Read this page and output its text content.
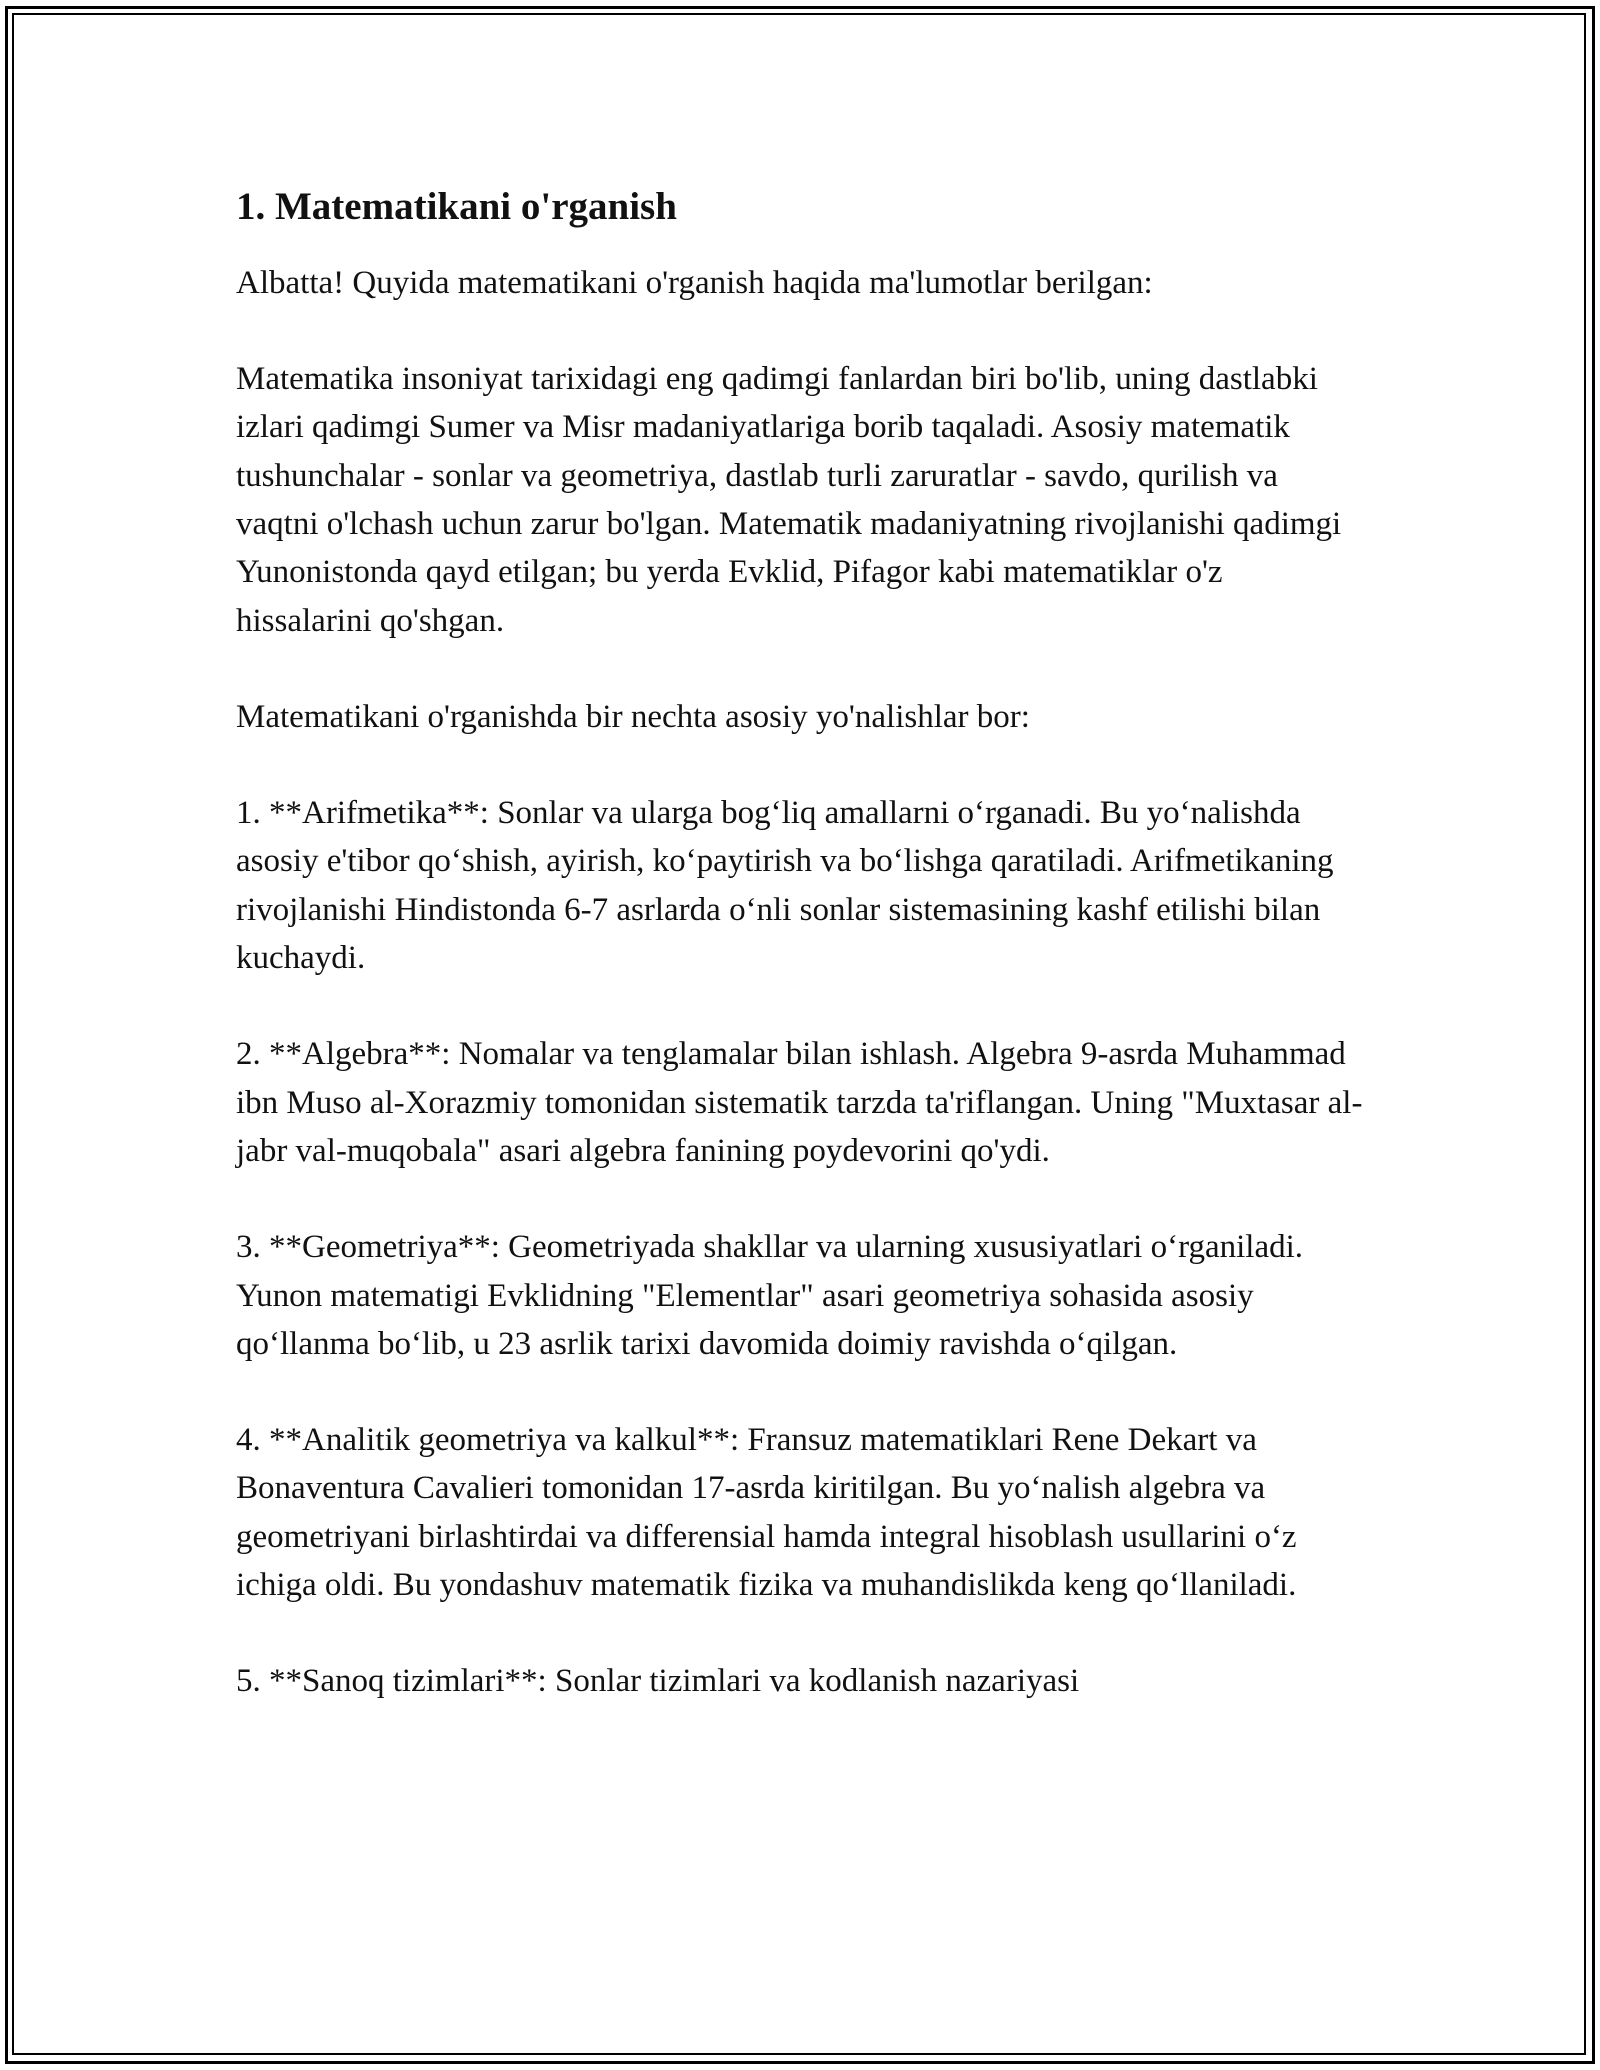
1. Matematikani o'rganish

Albatta! Quyida matematikani o'rganish haqida ma'lumotlar berilgan:

Matematika insoniyat tarixidagi eng qadimgi fanlardan biri bo'lib, uning dastlabki izlari qadimgi Sumer va Misr madaniyatlariga borib taqaladi. Asosiy matematik tushunchalar - sonlar va geometriya, dastlab turli zaruratlar - savdo, qurilish va vaqtni o'lchash uchun zarur bo'lgan. Matematik madaniyatning rivojlanishi qadimgi Yunonistonda qayd etilgan; bu yerda Evklid, Pifagor kabi matematiklar o'z hissalarini qo'shgan.

Matematikani o'rganishda bir nechta asosiy yo'nalishlar bor:

1. **Arifmetika**: Sonlar va ularga bog‘liq amallarni o‘rganadi. Bu yo‘nalishda asosiy e'tibor qo‘shish, ayirish, ko‘paytirish va bo‘lishga qaratiladi. Arifmetikaning rivojlanishi Hindistonda 6-7 asrlarda o‘nli sonlar sistemasining kashf etilishi bilan kuchaydi.

2. **Algebra**: Nomalar va tenglamalar bilan ishlash. Algebra 9-asrda Muhammad ibn Muso al-Xorazmiy tomonidan sistematik tarzda ta'riflangan. Uning "Muxtasar al-jabr val-muqobala" asari algebra fanining poydevorini qo'ydi.

3. **Geometriya**: Geometriyada shakllar va ularning xususiyatlari o‘rganiladi. Yunon matematigi Evklidning "Elementlar" asari geometriya sohasida asosiy qo‘llanma bo‘lib, u 23 asrlik tarixi davomida doimiy ravishda o‘qilgan.

4. **Analitik geometriya va kalkul**: Fransuz matematiklari Rene Dekart va Bonaventura Cavalieri tomonidan 17-asrda kiritilgan. Bu yo‘nalish algebra va geometriyani birlashtirdai va differensial hamda integral hisoblash usullarini o‘z ichiga oldi. Bu yondashuv matematik fizika va muhandislikda keng qo‘llaniladi.

5. **Sanoq tizimlari**: Sonlar tizimlari va kodlanish nazariyasi
